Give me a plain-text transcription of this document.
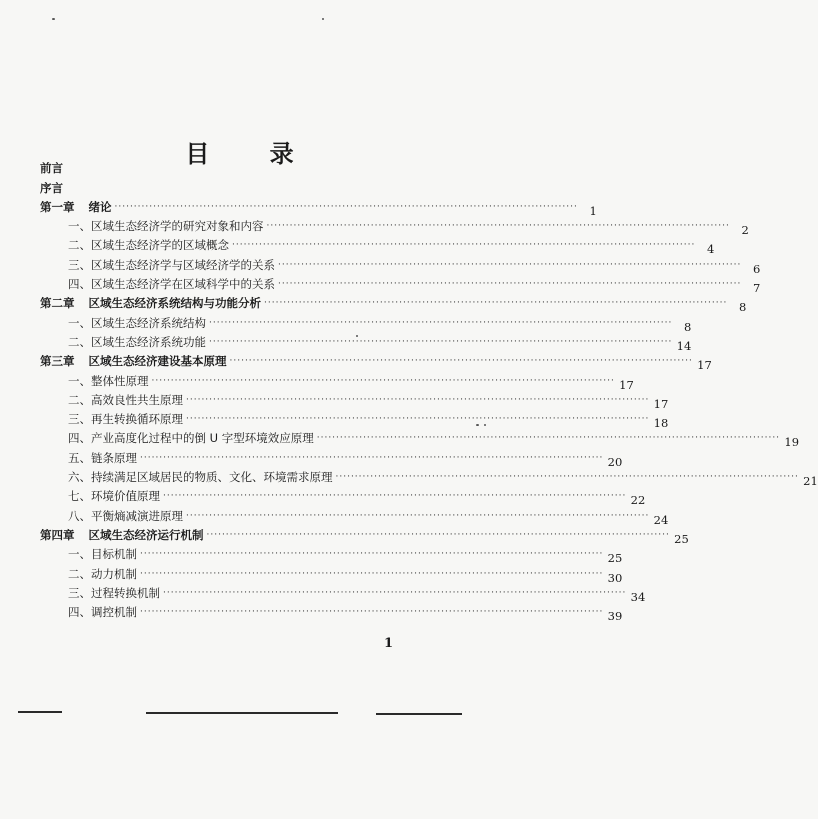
目 录
前言
序言
第一章 绪论 ························································································································	1
一、区域生态经济学的研究对象和内容 ························································································································	2
二、区域生态经济学的区域概念 ························································································································	4
三、区域生态经济学与区域经济学的关系 ························································································································	6
四、区域生态经济学在区域科学中的关系 ························································································································	7
第二章 区域生态经济系统结构与功能分析 ························································································································	8
一、区域生态经济系统结构 ························································································································	8
二、区域生态经济系统功能 ························································································································ 14
第三章 区域生态经济建设基本原理 ························································································································ 17
一、整体性原理 ························································································································ 17
二、高效良性共生原理 ························································································································ 17
三、再生转换循环原理 ························································································································ 18
四、产业高度化过程中的倒 U 字型环境效应原理 ························································································································ 19
五、链条原理 ························································································································ 20
六、持续满足区域居民的物质、文化、环境需求原理 ························································································································ 21
七、环境价值原理 ························································································································ 22
八、平衡熵减演进原理 ························································································································ 24
第四章 区域生态经济运行机制 ························································································································ 25
一、目标机制 ························································································································ 25
二、动力机制 ························································································································ 30
三、过程转换机制 ························································································································ 34
四、调控机制 ························································································································ 39
1
